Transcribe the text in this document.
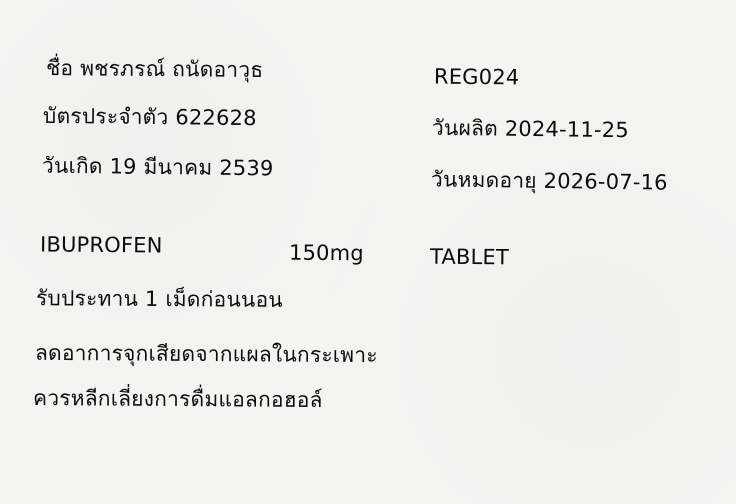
ชื่อ พชรภรณ์ ถนัดอาวุธ
บัตรประจำตัว 622628
วันเกิด 19 มีนาคม 2539
REG024
วันผลิต 2024-11-25
วันหมดอายุ 2026-07-16
IBUPROFEN	150mg	TABLET
รับประทาน 1 เม็ดก่อนนอน
ลดอาการจุกเสียดจากแผลในกระเพาะ
ควรหลีกเลี่ยงการดื่มแอลกอฮอล์
